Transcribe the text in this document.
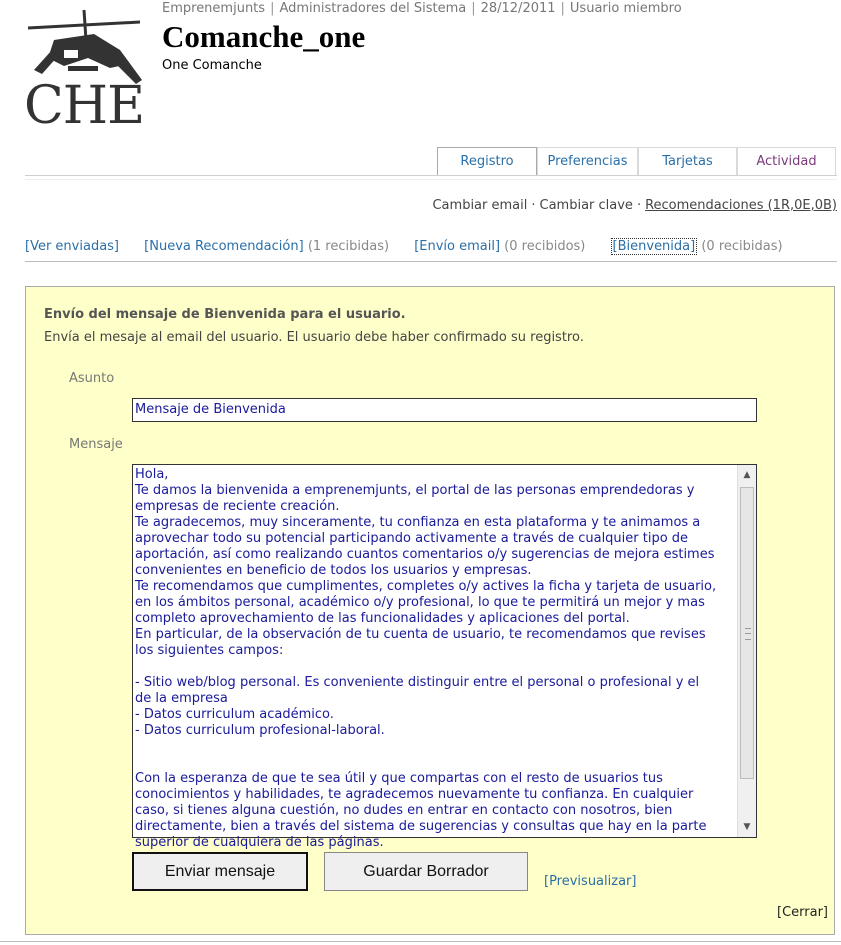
CHE
Emprenemjunts | Administradores del Sistema | 28/12/2011 | Usuario miembro
Comanche_one
One Comanche
Registro	Preferencias	Tarjetas	Actividad
Cambiar email · Cambiar clave · Recomendaciones (1R,0E,0B)
[Ver enviadas] [Nueva Recomendación] (1 recibidas) [Envío email] (0 recibidos) [Bienvenida] (0 recibidas)
Envío del mensaje de Bienvenida para el usuario.
Envía el mesaje al email del usuario. El usuario debe haber confirmado su registro.
Asunto
Mensaje de Bienvenida
Mensaje
Hola,
Te damos la bienvenida a emprenemjunts, el portal de las personas emprendedoras y
empresas de reciente creación.
Te agradecemos, muy sinceramente, tu confianza en esta plataforma y te animamos a
aprovechar todo su potencial participando activamente a través de cualquier tipo de
aportación, así como realizando cuantos comentarios o/y sugerencias de mejora estimes
convenientes en beneficio de todos los usuarios y empresas.
Te recomendamos que cumplimentes, completes o/y actives la ficha y tarjeta de usuario,
en los ámbitos personal, académico o/y profesional, lo que te permitirá un mejor y mas
completo aprovechamiento de las funcionalidades y aplicaciones del portal.
En particular, de la observación de tu cuenta de usuario, te recomendamos que revises
los siguientes campos:

- Sitio web/blog personal. Es conveniente distinguir entre el personal o profesional y el
de la empresa
- Datos curriculum académico.
- Datos curriculum profesional-laboral.

Con la esperanza de que te sea útil y que compartas con el resto de usuarios tus
conocimientos y habilidades, te agradecemos nuevamente tu confianza. En cualquier
caso, si tienes alguna cuestión, no dudes en entrar en contacto con nosotros, bien
directamente, bien a través del sistema de sugerencias y consultas que hay en la parte
superior de cualquiera de las páginas.
▲
▼
Enviar mensaje	Guardar Borrador
[Previsualizar]
[Cerrar]
